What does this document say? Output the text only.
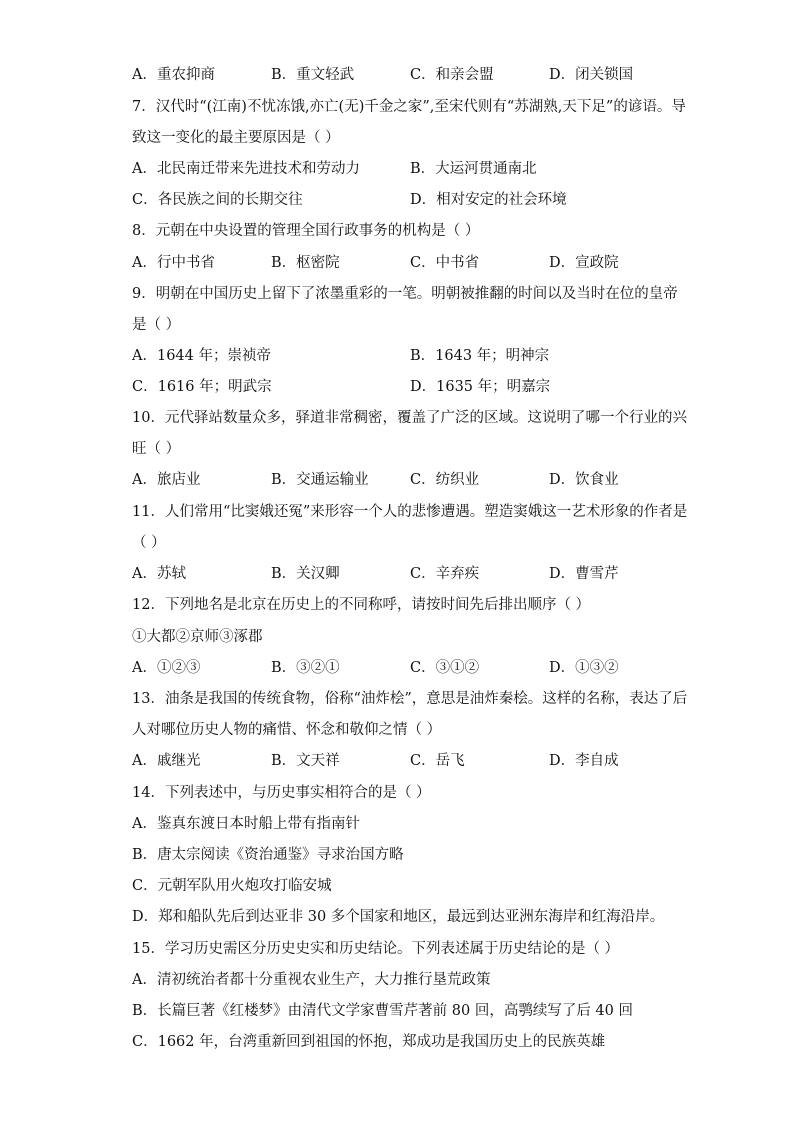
A．重农抑商	B．重文轻武	C．和亲会盟	D．闭关锁国
7．汉代时“(江南)不忧冻饿,亦亡(无)千金之家”,至宋代则有“苏湖熟,天下足”的谚语。导
致这一变化的最主要原因是（ ）
A．北民南迁带来先进技术和劳动力	B．大运河贯通南北
C．各民族之间的长期交往	D．相对安定的社会环境
8．元朝在中央设置的管理全国行政事务的机构是（ ）
A．行中书省	B．枢密院	C．中书省	D．宣政院
9．明朝在中国历史上留下了浓墨重彩的一笔。明朝被推翻的时间以及当时在位的皇帝
是（ ）
A．1644 年；崇祯帝	B．1643 年；明神宗
C．1616 年；明武宗	D．1635 年；明嘉宗
10．元代驿站数量众多，驿道非常稠密，覆盖了广泛的区域。这说明了哪一个行业的兴
旺（ ）
A．旅店业	B．交通运输业	C．纺织业	D．饮食业
11．人们常用“比窦娥还冤”来形容一个人的悲惨遭遇。塑造窦娥这一艺术形象的作者是
（ ）
A．苏轼	B．关汉卿	C．辛弃疾	D．曹雪芹
12．下列地名是北京在历史上的不同称呼，请按时间先后排出顺序（ ）
①大都②京师③涿郡
A．①②③	B．③②①	C．③①②	D．①③②
13．油条是我国的传统食物，俗称“油炸桧”，意思是油炸秦桧。这样的名称，表达了后
人对哪位历史人物的痛惜、怀念和敬仰之情（ ）
A．戚继光	B．文天祥	C．岳飞	D．李自成
14．下列表述中，与历史事实相符合的是（ ）
A．鉴真东渡日本时船上带有指南针
B．唐太宗阅读《资治通鉴》寻求治国方略
C．元朝军队用火炮攻打临安城
D．郑和船队先后到达亚非 30 多个国家和地区，最远到达亚洲东海岸和红海沿岸。
15．学习历史需区分历史史实和历史结论。下列表述属于历史结论的是（ ）
A．清初统治者都十分重视农业生产，大力推行垦荒政策
B．长篇巨著《红楼梦》由清代文学家曹雪芹著前 80 回，高鹗续写了后 40 回
C．1662 年，台湾重新回到祖国的怀抱，郑成功是我国历史上的民族英雄
